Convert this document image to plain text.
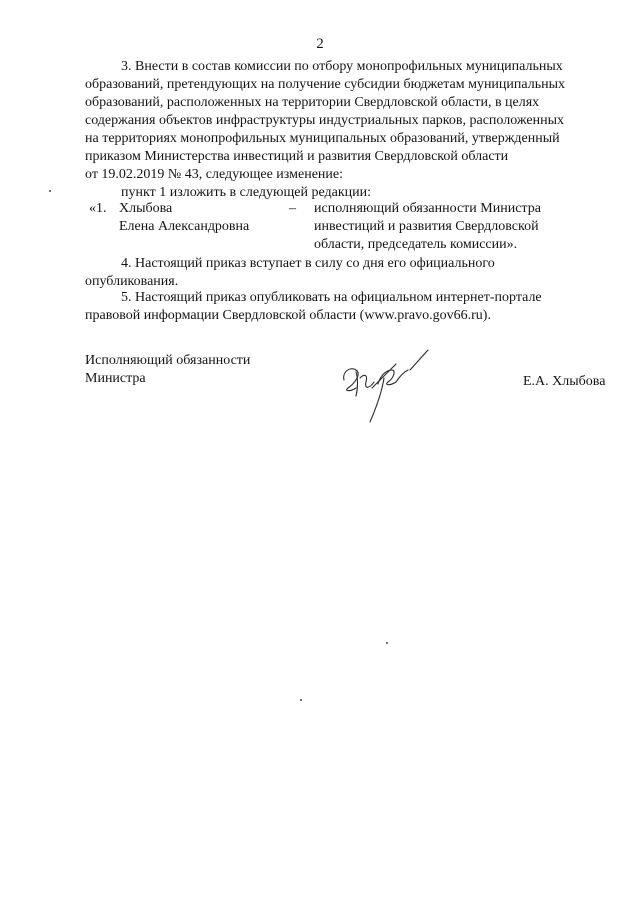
2
3. Внести в состав комиссии по отбору монопрофильных муниципальных
образований, претендующих на получение субсидии бюджетам муниципальных
образований, расположенных на территории Свердловской области, в целях
содержания объектов инфраструктуры индустриальных парков, расположенных
на территориях монопрофильных муниципальных образований, утвержденный
приказом Министерства инвестиций и развития Свердловской области
от 19.02.2019 № 43, следующее изменение:
пункт 1 изложить в следующей редакции:
«1. Хлыбова
Елена Александровна
– исполняющий обязанности Министра
инвестиций и развития Свердловской
области, председатель комиссии».
4. Настоящий приказ вступает в силу со дня его официального
опубликования.
5. Настоящий приказ опубликовать на официальном интернет-портале
правовой информации Свердловской области (www.pravo.gov66.ru).
Исполняющий обязанности
Министра	Е.А. Хлыбова
